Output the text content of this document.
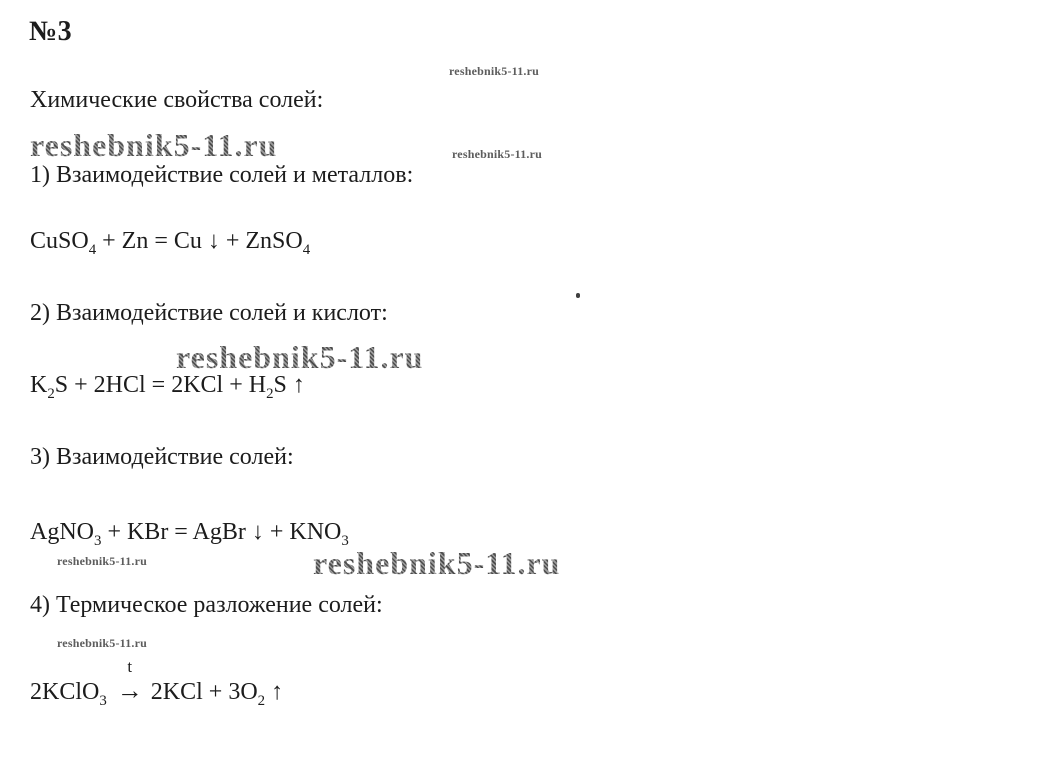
№3
reshebnik5-11.ru
Химические свойства солей:
reshebnik5-11.ru	reshebnik5-11.ru
1) Взаимодействие солей и металлов:
CuSO$_4$ + Zn = Cu ↓ + ZnSO$_4$
2) Взаимодействие солей и кислот:
reshebnik5-11.ru
$K_2S + 2HCl = 2KCl + H_2S$ ↑
3) Взаимодействие солей:
AgNO$_3$ + KBr = AgBr ↓ + $KNO_3$
reshebnik5-11.ru	reshebnik5-11.ru
4) Термическое разложение солей:
reshebnik5-11.ru
2KClO$_3$
t
→ $2KCl + 3O_2$ ↑
